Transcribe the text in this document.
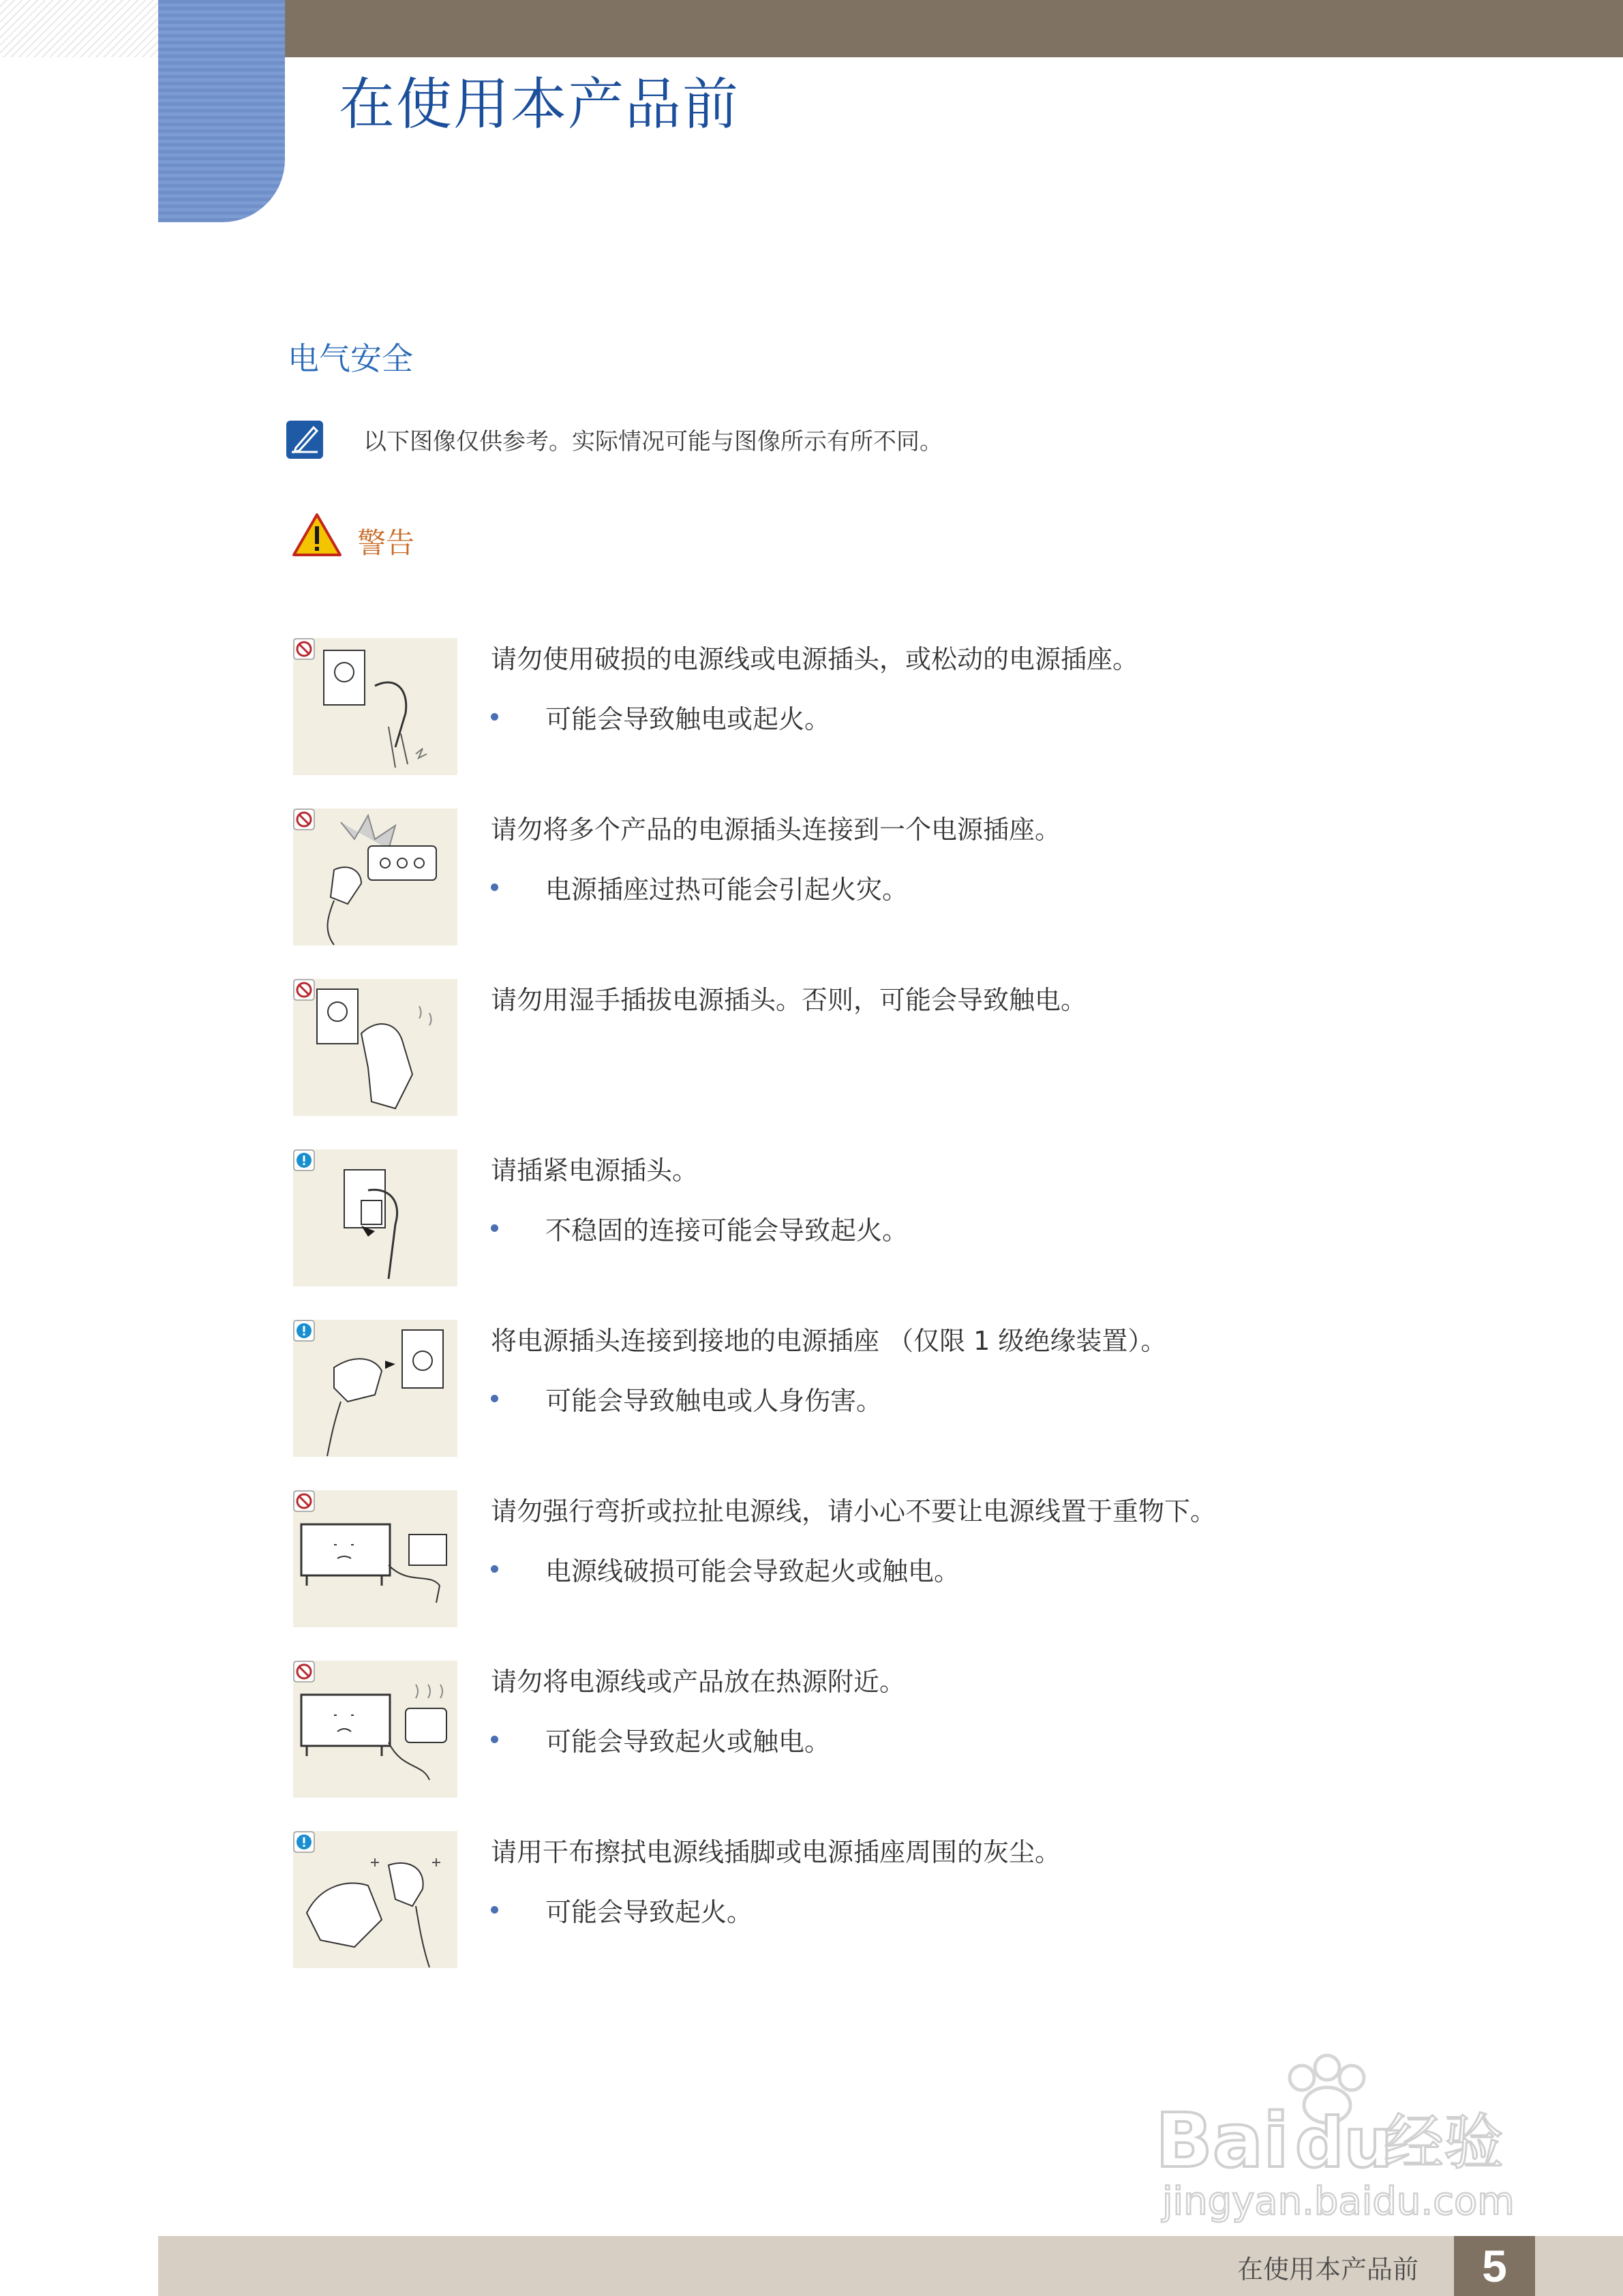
在使用本产品前
电气安全
以下图像仅供参考。实际情况可能与图像所示有所不同。
警告
请勿使用破损的电源线或电源插头，或松动的电源插座。
可能会导致触电或起火。
请勿将多个产品的电源插头连接到一个电源插座。
电源插座过热可能会引起火灾。
请勿用湿手插拔电源插头。否则，可能会导致触电。
请插紧电源插头。
不稳固的连接可能会导致起火。
将电源插头连接到接地的电源插座 （仅限 1 级绝缘装置）。
可能会导致触电或人身伤害。
请勿强行弯折或拉扯电源线，请小心不要让电源线置于重物下。
电源线破损可能会导致起火或触电。
请勿将电源线或产品放在热源附近。
可能会导致起火或触电。
请用干布擦拭电源线插脚或电源插座周围的灰尘。
可能会导致起火。
Bai du
经验
jingyan.baidu.com
在使用本产品前	5
